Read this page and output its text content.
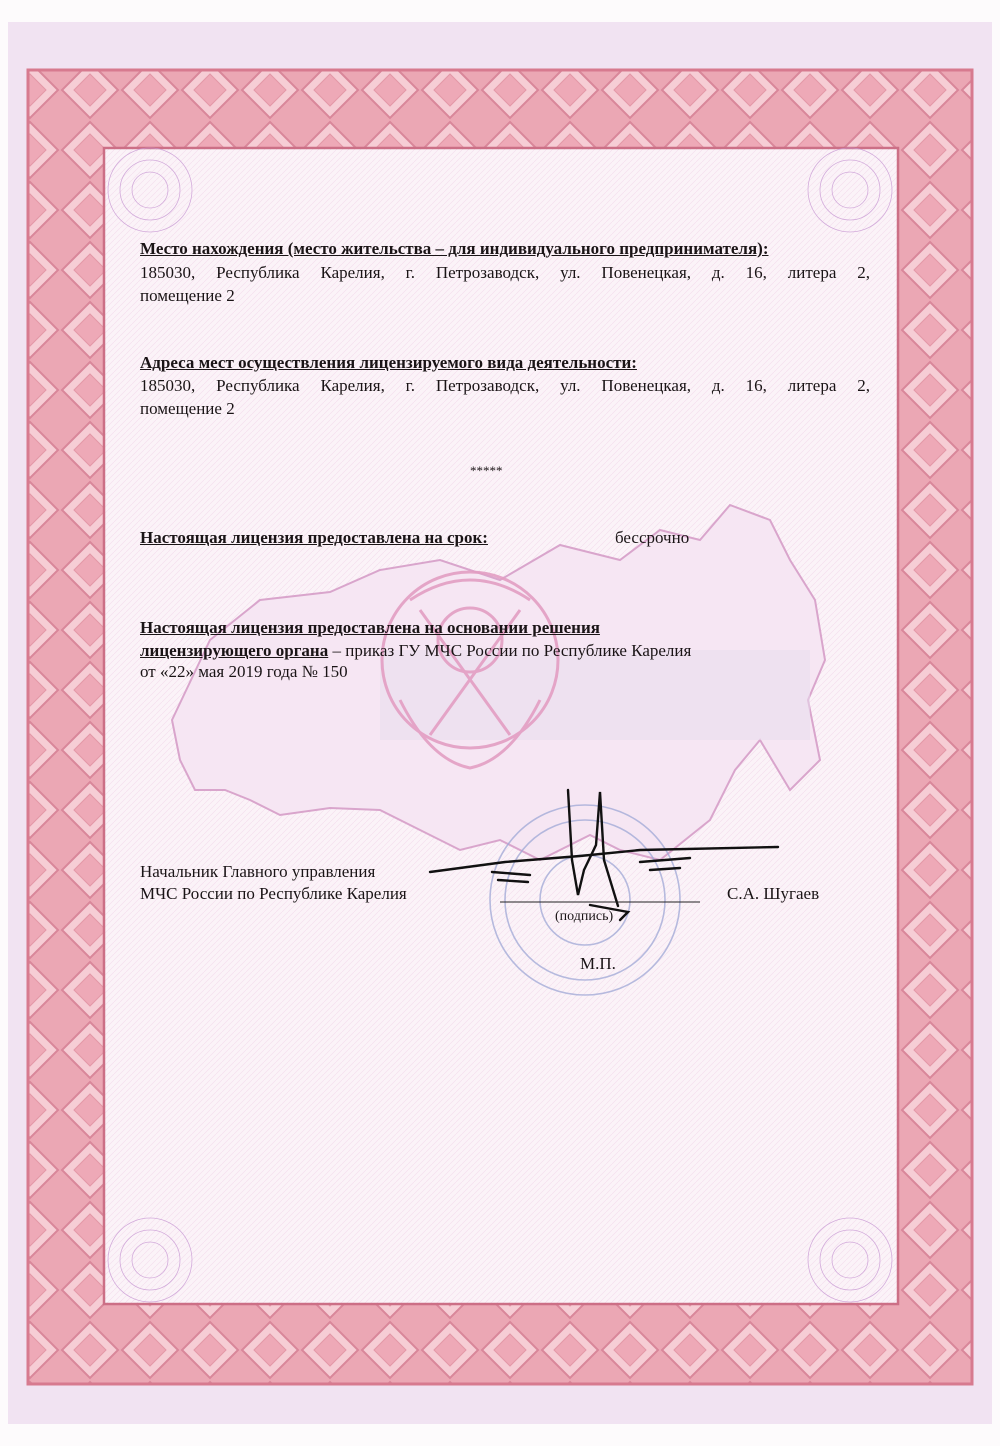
Место нахождения (место жительства – для индивидуального предпринимателя):
185030, Республика Карелия, г. Петрозаводск, ул. Повенецкая, д. 16, литера 2,
помещение 2
Адреса мест осуществления лицензируемого вида деятельности:
185030, Республика Карелия, г. Петрозаводск, ул. Повенецкая, д. 16, литера 2,
помещение 2
*****
Настоящая лицензия предоставлена на срок:	бессрочно
Настоящая лицензия предоставлена на основании решения
лицензирующего органа – приказ ГУ МЧС России по Республике Карелия
от «22» мая 2019 года № 150
Начальник Главного управления
МЧС России по Республике Карелия
(подпись)
С.А. Шугаев
М.П.
